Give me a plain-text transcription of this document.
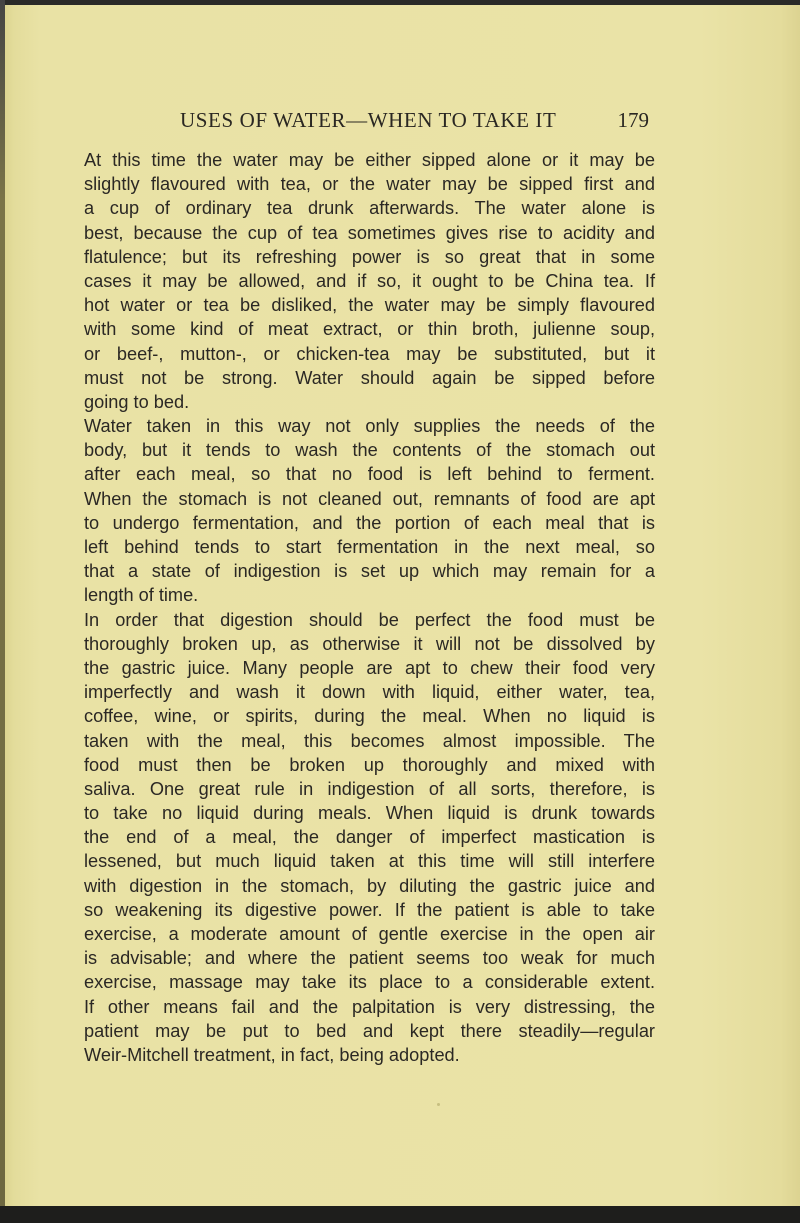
USES OF WATER—WHEN TO TAKE IT	179
At this time the water may be either sipped alone or it may be
slightly flavoured with tea, or the water may be sipped first and
a cup of ordinary tea drunk afterwards. The water alone is
best, because the cup of tea sometimes gives rise to acidity and
flatulence; but its refreshing power is so great that in some
cases it may be allowed, and if so, it ought to be China tea. If
hot water or tea be disliked, the water may be simply flavoured
with some kind of meat extract, or thin broth, julienne soup,
or beef-, mutton-, or chicken-tea may be substituted, but it
must not be strong. Water should again be sipped before
going to bed.
Water taken in this way not only supplies the needs of the
body, but it tends to wash the contents of the stomach out
after each meal, so that no food is left behind to ferment.
When the stomach is not cleaned out, remnants of food are apt
to undergo fermentation, and the portion of each meal that is
left behind tends to start fermentation in the next meal, so
that a state of indigestion is set up which may remain for a
length of time.
In order that digestion should be perfect the food must be
thoroughly broken up, as otherwise it will not be dissolved by
the gastric juice. Many people are apt to chew their food very
imperfectly and wash it down with liquid, either water, tea,
coffee, wine, or spirits, during the meal. When no liquid is
taken with the meal, this becomes almost impossible. The
food must then be broken up thoroughly and mixed with
saliva. One great rule in indigestion of all sorts, therefore, is
to take no liquid during meals. When liquid is drunk towards
the end of a meal, the danger of imperfect mastication is
lessened, but much liquid taken at this time will still interfere
with digestion in the stomach, by diluting the gastric juice and
so weakening its digestive power. If the patient is able to take
exercise, a moderate amount of gentle exercise in the open air
is advisable; and where the patient seems too weak for much
exercise, massage may take its place to a considerable extent.
If other means fail and the palpitation is very distressing, the
patient may be put to bed and kept there steadily—regular
Weir-Mitchell treatment, in fact, being adopted.
